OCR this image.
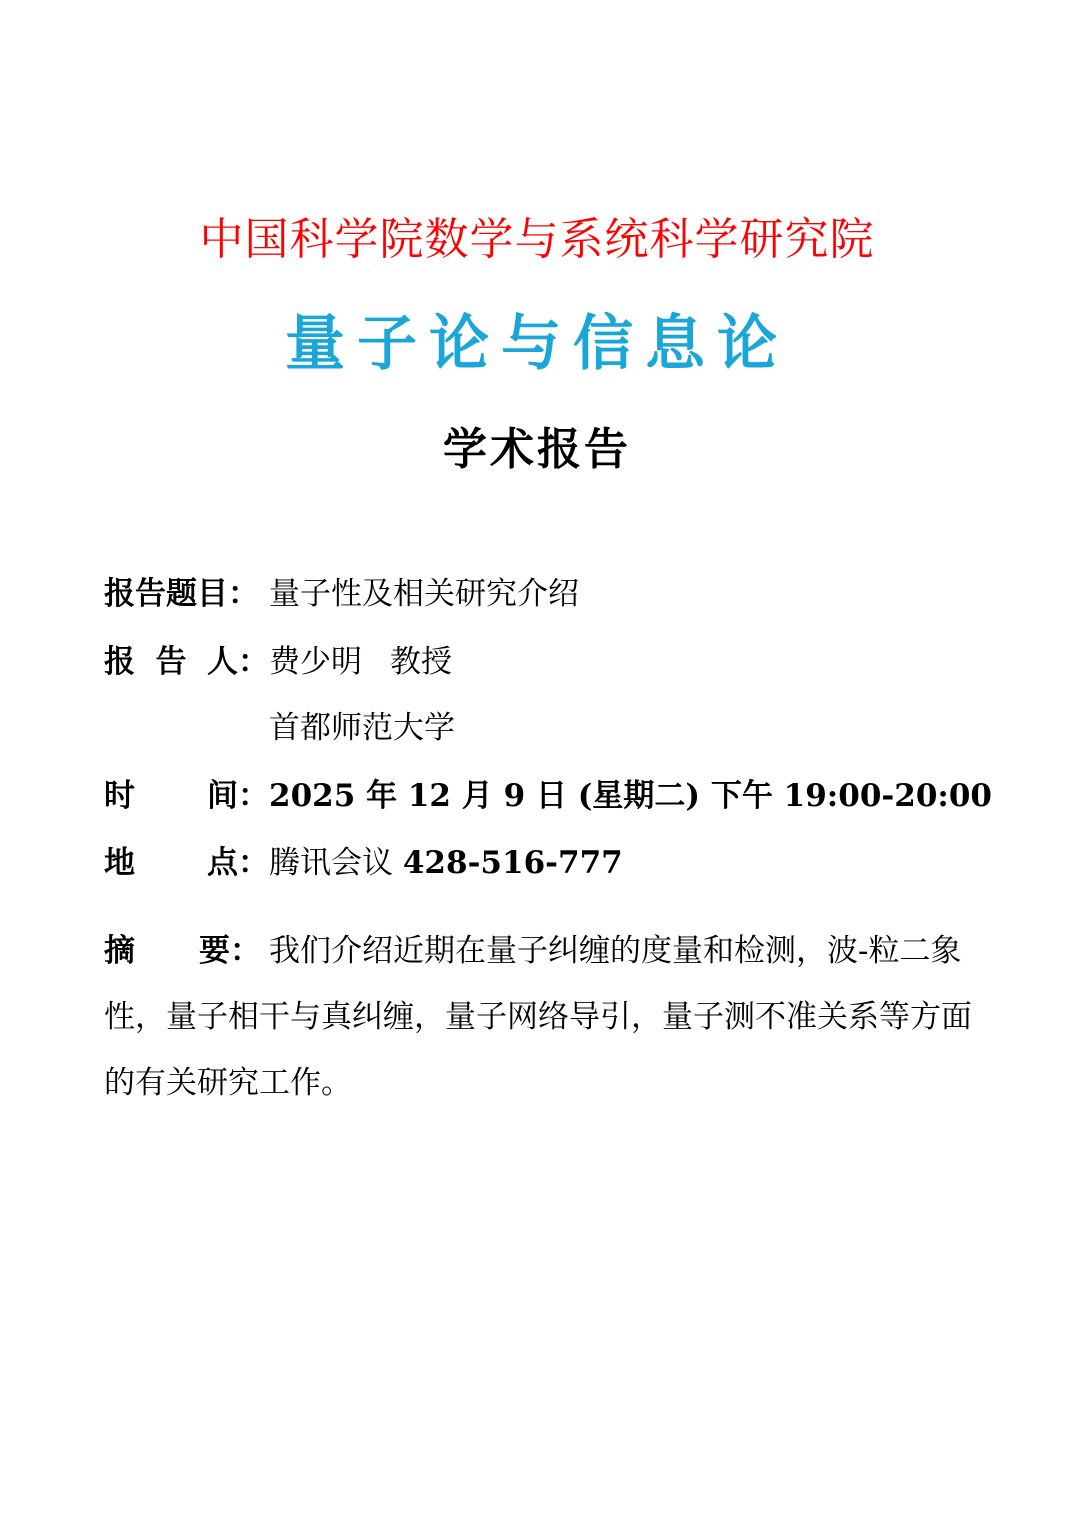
中国科学院数学与系统科学研究院
量子论与信息论
学术报告
报告题目： 量子性及相关研究介绍
报 告 人： 费少明 教授
首都师范大学
时 间： 2025 年 12 月 9 日 (星期二) 下午 19:00-20:00
地 点： 腾讯会议 428-516-777
摘 要： 我们介绍近期在量子纠缠的度量和检测，波-粒二象性，量子相干与真纠缠，量子网络导引，量子测不准关系等方面的有关研究工作。
